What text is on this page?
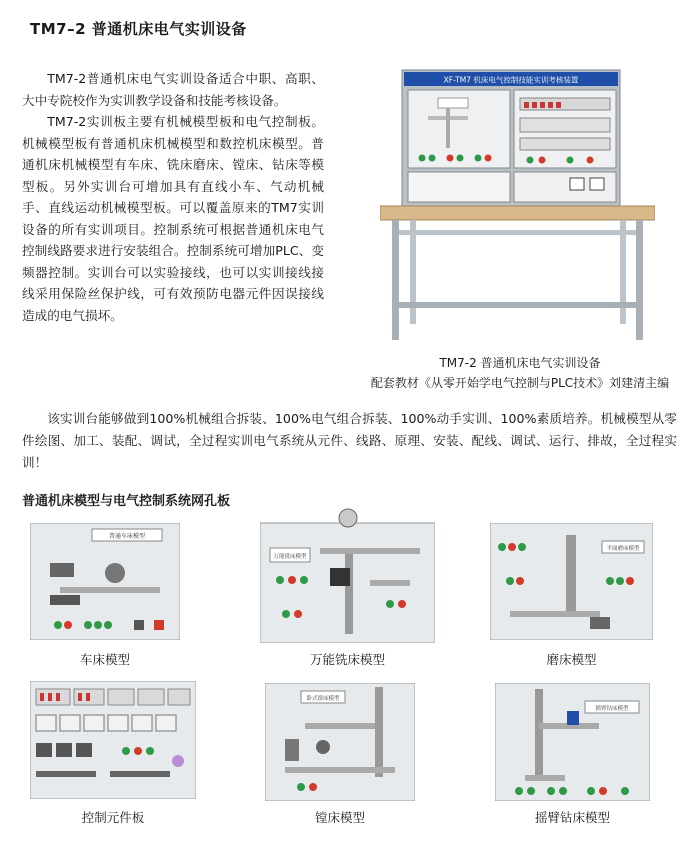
TM7–2 普通机床电气实训设备

TM7-2普通机床电气实训设备适合中职、高职、大中专院校作为实训教学设备和技能考核设备。

TM7-2实训板主要有机械模型板和电气控制板。机械模型板有普通机床机械模型和数控机床模型。普通机床机械模型有车床、铣床磨床、镗床、钻床等模型板。另外实训台可增加具有直线小车、气动机械手、直线运动机械模型板。可以覆盖原来的TM7实训设备的所有实训项目。控制系统可根据普通机床电气控制线路要求进行安装组合。控制系统可增加PLC、变频器控制。实训台可以实验接线，也可以实训接线接线采用保险丝保护线，可有效预防电器元件因误接线造成的电气损坏。

XF-TM7 机床电气控制技能实训考核装置
TM7-2 普通机床电气实训设备
配套教材《从零开始学电气控制与PLC技术》刘建清主编

该实训台能够做到100%机械组合拆装、100%电气组合拆装、100%动手实训、100%素质培养。机械模型从零件绘图、加工、装配、调试，全过程实训电气系统从元件、线路、原理、安装、配线、调试、运行、排故，全过程实训！

普通机床模型与电气控制系统网孔板
普通车床模型
车床模型
万能铣床模型
万能铣床模型
平面磨床模型
磨床模型
控制元件板
卧式镗床模型
镗床模型
摇臂钻床模型
摇臂钻床模型
